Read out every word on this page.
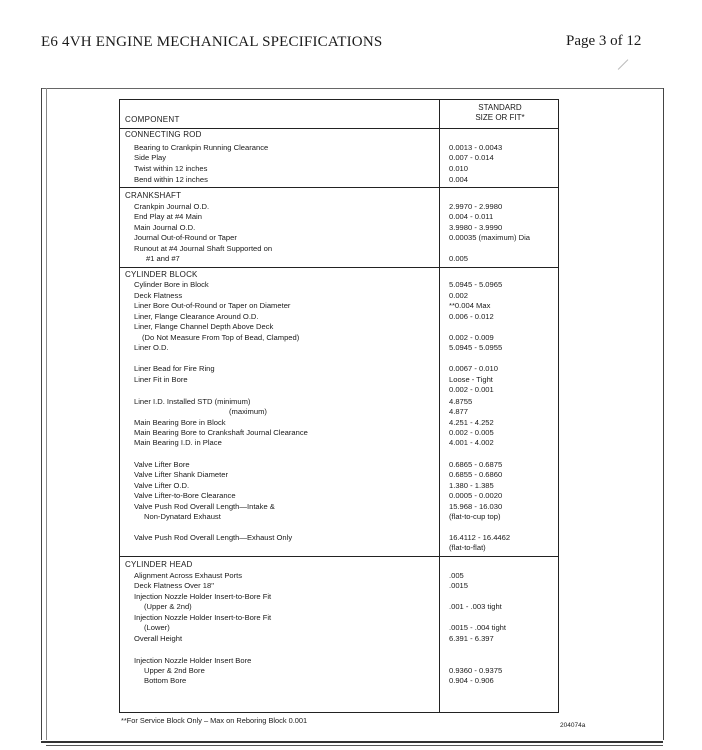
E6 4VH ENGINE MECHANICAL SPECIFICATIONS	Page 3 of 12
COMPONENT
STANDARD
SIZE OR FIT*
CONNECTING ROD
Bearing to Crankpin Running Clearance	0.0013 - 0.0043
Side Play	0.007 - 0.014
Twist within 12 inches	0.010
Bend within 12 inches	0.004
CRANKSHAFT
Crankpin Journal O.D.	2.9970 - 2.9980
End Play at #4 Main	0.004 - 0.011
Main Journal O.D.	3.9980 - 3.9990
Journal Out-of-Round or Taper	0.00035 (maximum) Dia
Runout at #4 Journal Shaft Supported on
#1 and #7	0.005
CYLINDER BLOCK
Cylinder Bore in Block	5.0945 - 5.0965
Deck Flatness	0.002
Liner Bore Out-of-Round or Taper on Diameter	**0.004 Max
Liner, Flange Clearance Around O.D.	0.006 - 0.012
Liner, Flange Channel Depth Above Deck
(Do Not Measure From Top of Bead, Clamped)	0.002 - 0.009
Liner O.D.	5.0945 - 5.0955
Liner Bead for Fire Ring	0.0067 - 0.010
Liner Fit in Bore	Loose - Tight
0.002 - 0.001
Liner I.D. Installed STD (minimum)	4.8755
(maximum)	4.877
Main Bearing Bore in Block	4.251 - 4.252
Main Bearing Bore to Crankshaft Journal Clearance	0.002 - 0.005
Main Bearing I.D. in Place	4.001 - 4.002
Valve Lifter Bore	0.6865 - 0.6875
Valve Lifter Shank Diameter	0.6855 - 0.6860
Valve Lifter O.D.	1.380 - 1.385
Valve Lifter-to-Bore Clearance	0.0005 - 0.0020
Valve Push Rod Overall Length—Intake &	15.968 - 16.030
Non-Dynatard Exhaust	(flat-to-cup top)
Valve Push Rod Overall Length—Exhaust Only	16.4112 - 16.4462
(flat-to-flat)
CYLINDER HEAD
Alignment Across Exhaust Ports	.005
Deck Flatness Over 18"	.0015
Injection Nozzle Holder Insert-to-Bore Fit
(Upper & 2nd)	.001 - .003 tight
Injection Nozzle Holder Insert-to-Bore Fit
(Lower)	.0015 - .004 tight
Overall Height	6.391 - 6.397
Injection Nozzle Holder Insert Bore
Upper & 2nd Bore	0.9360 - 0.9375
Bottom Bore	0.904 - 0.906
**For Service Block Only – Max on Reboring Block 0.001
204074a
